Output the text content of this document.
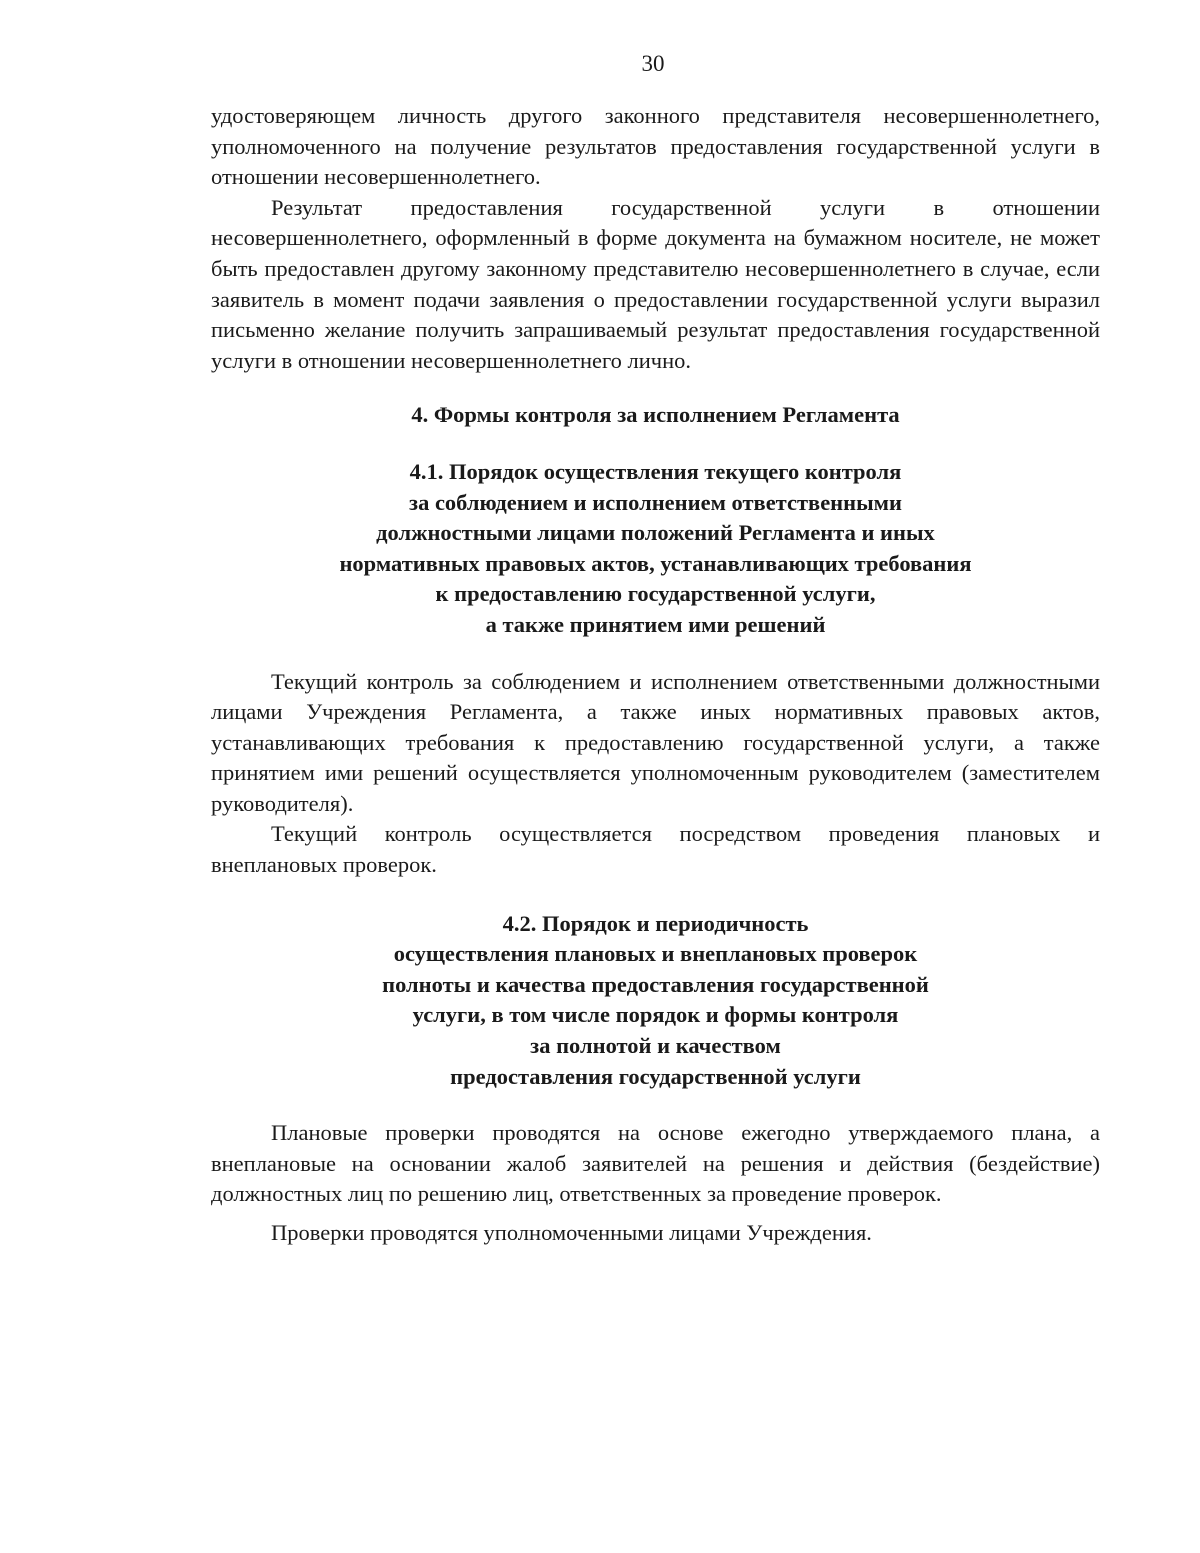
30

удостоверяющем личность другого законного представителя несовершеннолетнего, уполномоченного на получение результатов предоставления государственной услуги в отношении несовершеннолетнего.

Результат предоставления государственной услуги в отношении несовершеннолетнего, оформленный в форме документа на бумажном носителе, не может быть предоставлен другому законному представителю несовершеннолетнего в случае, если заявитель в момент подачи заявления о предоставлении государственной услуги выразил письменно желание получить запрашиваемый результат предоставления государственной услуги в отношении несовершеннолетнего лично.

4. Формы контроля за исполнением Регламента
4.1. Порядок осуществления текущего контроля
за соблюдением и исполнением ответственными
должностными лицами положений Регламента и иных
нормативных правовых актов, устанавливающих требования
к предоставлению государственной услуги,
а также принятием ими решений

Текущий контроль за соблюдением и исполнением ответственными должностными лицами Учреждения Регламента, а также иных нормативных правовых актов, устанавливающих требования к предоставлению государственной услуги, а также принятием ими решений осуществляется уполномоченным руководителем (заместителем руководителя).

Текущий контроль осуществляется посредством проведения плановых и внеплановых проверок.

4.2. Порядок и периодичность
осуществления плановых и внеплановых проверок
полноты и качества предоставления государственной
услуги, в том числе порядок и формы контроля
за полнотой и качеством
предоставления государственной услуги

Плановые проверки проводятся на основе ежегодно утверждаемого плана, а внеплановые на основании жалоб заявителей на решения и действия (бездействие) должностных лиц по решению лиц, ответственных за проведение проверок.

Проверки проводятся уполномоченными лицами Учреждения.
